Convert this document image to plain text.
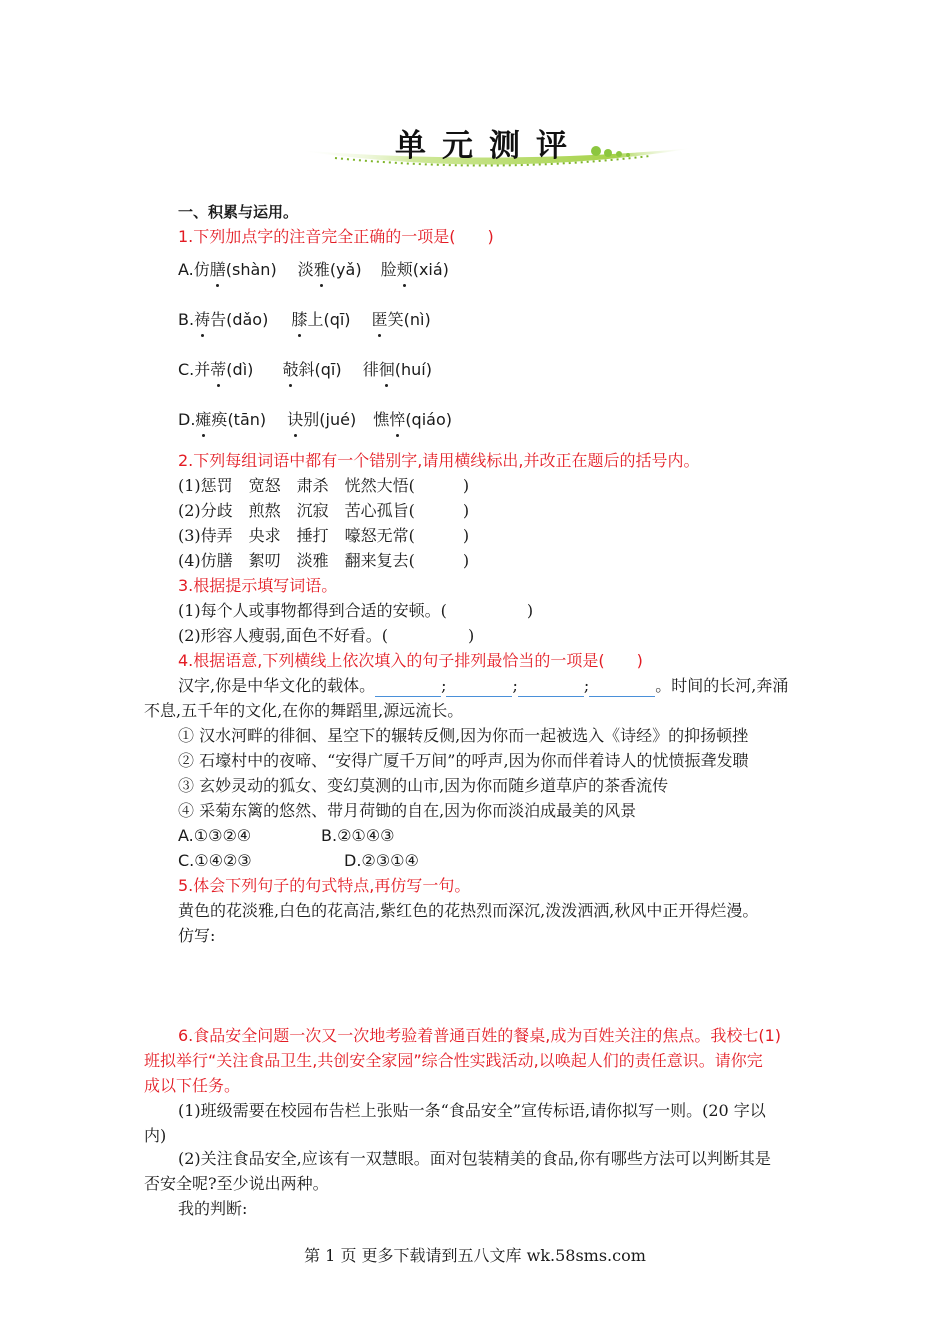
单元测评
一、积累与运用。
1.下列加点字的注音完全正确的一项是(　　)
A.仿膳(shàn) 淡雅(yǎ) 脸颊(xiá)
B.祷告(dǎo) 膝上(qī) 匿笑(nì)
C.并蒂(dì) 攲斜(qī) 徘徊(huí)
D.瘫痪(tān) 诀别(jué) 憔悴(qiáo)
2.下列每组词语中都有一个错别字,请用横线标出,并改正在题后的括号内。
(1)惩罚　宽怒　肃杀　恍然大悟(　　　)
(2)分歧　煎熬　沉寂　苦心孤旨(　　　)
(3)侍弄　央求　捶打　嚎怒无常(　　　)
(4)仿膳　絮叨　淡雅　翻来复去(　　　)
3.根据提示填写词语。
(1)每个人或事物都得到合适的安顿。(　　　　　)
(2)形容人瘦弱,面色不好看。(　　　　　)
4.根据语意,下列横线上依次填入的句子排列最恰当的一项是(　　)
汉字,你是中华文化的载体。	;	;	;	。时间的长河,奔涌
不息,五千年的文化,在你的舞蹈里,源远流长。
① 汉水河畔的徘徊、星空下的辗转反侧,因为你而一起被选入《诗经》的抑扬顿挫
② 石壕村中的夜啼、“安得广厦千万间”的呼声,因为你而伴着诗人的忧愤振聋发聩
③ 玄妙灵动的狐女、变幻莫测的山市,因为你而随乡道草庐的茶香流传
④ 采菊东篱的悠然、带月荷锄的自在,因为你而淡泊成最美的风景
A.①③②④	B.②①④③
C.①④②③	D.②③①④
5.体会下列句子的句式特点,再仿写一句。
黄色的花淡雅,白色的花高洁,紫红色的花热烈而深沉,泼泼洒洒,秋风中正开得烂漫。
仿写:
6.食品安全问题一次又一次地考验着普通百姓的餐桌,成为百姓关注的焦点。我校七(1)
班拟举行“关注食品卫生,共创安全家园”综合性实践活动,以唤起人们的责任意识。请你完
成以下任务。
(1)班级需要在校园布告栏上张贴一条“食品安全”宣传标语,请你拟写一则。(20 字以
内)
(2)关注食品安全,应该有一双慧眼。面对包装精美的食品,你有哪些方法可以判断其是
否安全呢?至少说出两种。
我的判断:
第 1 页 更多下载请到五八文库 wk.58sms.com
